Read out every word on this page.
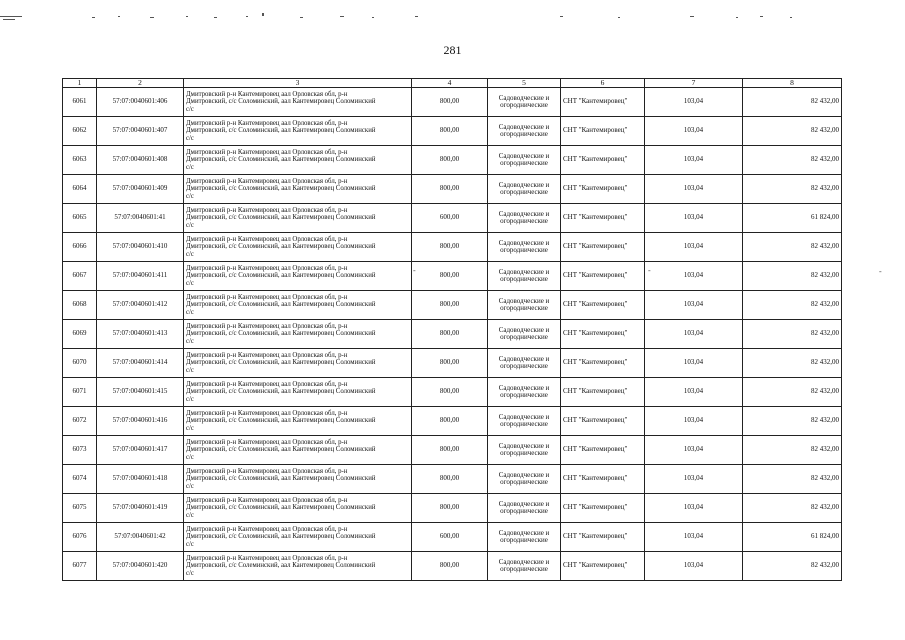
281
1	2	3	4	5	6	7	8
6061	57:07:0040601:406	Дмитровский р-н Кантемировец аал Орловская обл, р-н
Дмитровский, с/с Соломинский, аал Кантемировец Соломинский
с/с	800,00	Садоводческие и
огороднические	СНТ "Кантемировец"	103,04	82 432,00
6062	57:07:0040601:407	Дмитровский р-н Кантемировец аал Орловская обл, р-н
Дмитровский, с/с Соломинский, аал Кантемировец Соломинский
с/с	800,00	Садоводческие и
огороднические	СНТ "Кантемировец"	103,04	82 432,00
6063	57:07:0040601:408	Дмитровский р-н Кантемировец аал Орловская обл, р-н
Дмитровский, с/с Соломинский, аал Кантемировец Соломинский
с/с	800,00	Садоводческие и
огороднические	СНТ "Кантемировец"	103,04	82 432,00
6064	57:07:0040601:409	Дмитровский р-н Кантемировец аал Орловская обл, р-н
Дмитровский, с/с Соломинский, аал Кантемировец Соломинский
с/с	800,00	Садоводческие и
огороднические	СНТ "Кантемировец"	103,04	82 432,00
6065	57:07:0040601:41	Дмитровский р-н Кантемировец аал Орловская обл, р-н
Дмитровский, с/с Соломинский, аал Кантемировец Соломинский
с/с	600,00	Садоводческие и
огороднические	СНТ "Кантемировец"	103,04	61 824,00
6066	57:07:0040601:410	Дмитровский р-н Кантемировец аал Орловская обл, р-н
Дмитровский, с/с Соломинский, аал Кантемировец Соломинский
с/с	800,00	Садоводческие и
огороднические	СНТ "Кантемировец"	103,04	82 432,00
6067	57:07:0040601:411	Дмитровский р-н Кантемировец аал Орловская обл, р-н
Дмитровский, с/с Соломинский, аал Кантемировец Соломинский
с/с	800,00	Садоводческие и
огороднические	СНТ "Кантемировец"	103,04	82 432,00
6068	57:07:0040601:412	Дмитровский р-н Кантемировец аал Орловская обл, р-н
Дмитровский, с/с Соломинский, аал Кантемировец Соломинский
с/с	800,00	Садоводческие и
огороднические	СНТ "Кантемировец"	103,04	82 432,00
6069	57:07:0040601:413	Дмитровский р-н Кантемировец аал Орловская обл, р-н
Дмитровский, с/с Соломинский, аал Кантемировец Соломинский
с/с	800,00	Садоводческие и
огороднические	СНТ "Кантемировец"	103,04	82 432,00
6070	57:07:0040601:414	Дмитровский р-н Кантемировец аал Орловская обл, р-н
Дмитровский, с/с Соломинский, аал Кантемировец Соломинский
с/с	800,00	Садоводческие и
огороднические	СНТ "Кантемировец"	103,04	82 432,00
6071	57:07:0040601:415	Дмитровский р-н Кантемировец аал Орловская обл, р-н
Дмитровский, с/с Соломинский, аал Кантемировец Соломинский
с/с	800,00	Садоводческие и
огороднические	СНТ "Кантемировец"	103,04	82 432,00
6072	57:07:0040601:416	Дмитровский р-н Кантемировец аал Орловская обл, р-н
Дмитровский, с/с Соломинский, аал Кантемировец Соломинский
с/с	800,00	Садоводческие и
огороднические	СНТ "Кантемировец"	103,04	82 432,00
6073	57:07:0040601:417	Дмитровский р-н Кантемировец аал Орловская обл, р-н
Дмитровский, с/с Соломинский, аал Кантемировец Соломинский
с/с	800,00	Садоводческие и
огороднические	СНТ "Кантемировец"	103,04	82 432,00
6074	57:07:0040601:418	Дмитровский р-н Кантемировец аал Орловская обл, р-н
Дмитровский, с/с Соломинский, аал Кантемировец Соломинский
с/с	800,00	Садоводческие и
огороднические	СНТ "Кантемировец"	103,04	82 432,00
6075	57:07:0040601:419	Дмитровский р-н Кантемировец аал Орловская обл, р-н
Дмитровский, с/с Соломинский, аал Кантемировец Соломинский
с/с	800,00	Садоводческие и
огороднические	СНТ "Кантемировец"	103,04	82 432,00
6076	57:07:0040601:42	Дмитровский р-н Кантемировец аал Орловская обл, р-н
Дмитровский, с/с Соломинский, аал Кантемировец Соломинский
с/с	600,00	Садоводческие и
огороднические	СНТ "Кантемировец"	103,04	61 824,00
6077	57:07:0040601:420	Дмитровский р-н Кантемировец аал Орловская обл, р-н
Дмитровский, с/с Солеминский, аал Кантемировец Соломинский
с/с	800,00	Садоводческие и
огороднические	СНТ "Кантемировец"	103,04	82 432,00
-	-	-
